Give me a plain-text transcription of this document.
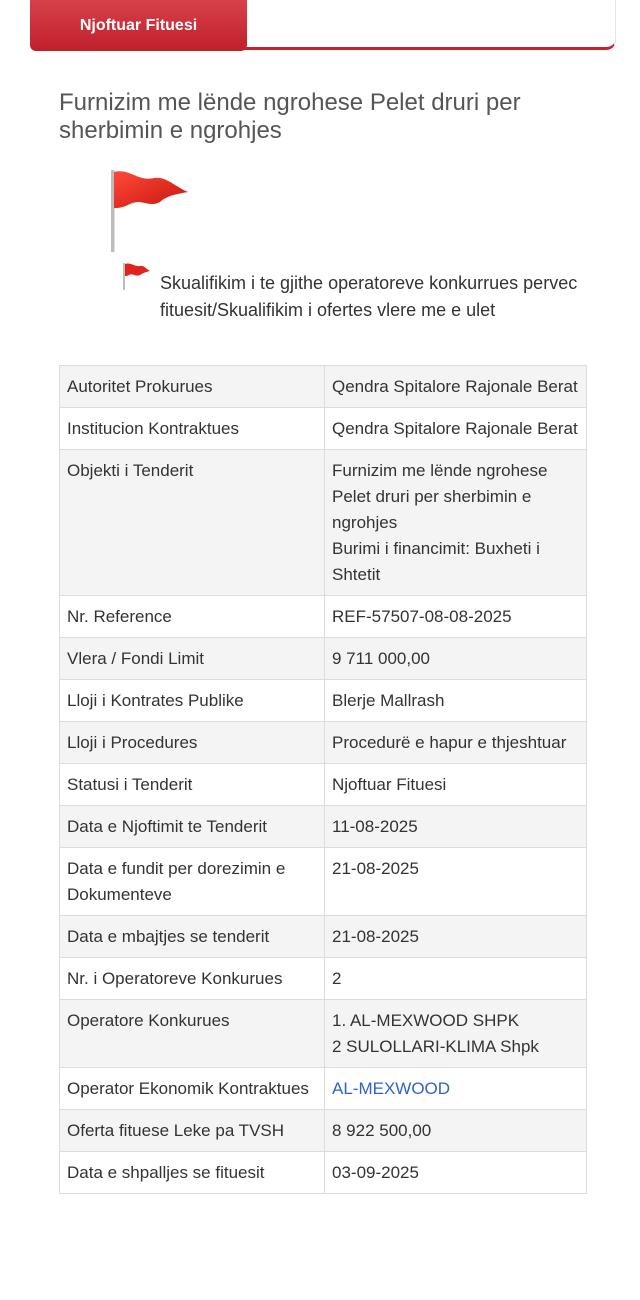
Njoftuar Fituesi
Furnizim me lënde ngrohese Pelet druri per sherbimin e ngrohjes
Skualifikim i te gjithe operatoreve konkurrues pervec fituesit/Skualifikim i ofertes vlere me e ulet
Autoritet Prokurues	Qendra Spitalore Rajonale Berat
Institucion Kontraktues	Qendra Spitalore Rajonale Berat
Objekti i Tenderit	Furnizim me lënde ngrohese Pelet druri per sherbimin e ngrohjes
Burimi i financimit: Buxheti i Shtetit

Nr. Reference	REF-57507-08-08-2025
Vlera / Fondi Limit	9 711 000,00
Lloji i Kontrates Publike	Blerje Mallrash
Lloji i Procedures	Procedurë e hapur e thjeshtuar
Statusi i Tenderit	Njoftuar Fituesi
Data e Njoftimit te Tenderit	11-08-2025
Data e fundit per dorezimin e Dokumenteve	21-08-2025
Data e mbajtjes se tenderit	21-08-2025
Nr. i Operatoreve Konkurues	2
Operatore Konkurues	1. AL-MEXWOOD SHPK
2 SULOLLARI-KLIMA Shpk

Operator Ekonomik Kontraktues	AL-MEXWOOD
Oferta fituese Leke pa TVSH	8 922 500,00
Data e shpalljes se fituesit	03-09-2025
